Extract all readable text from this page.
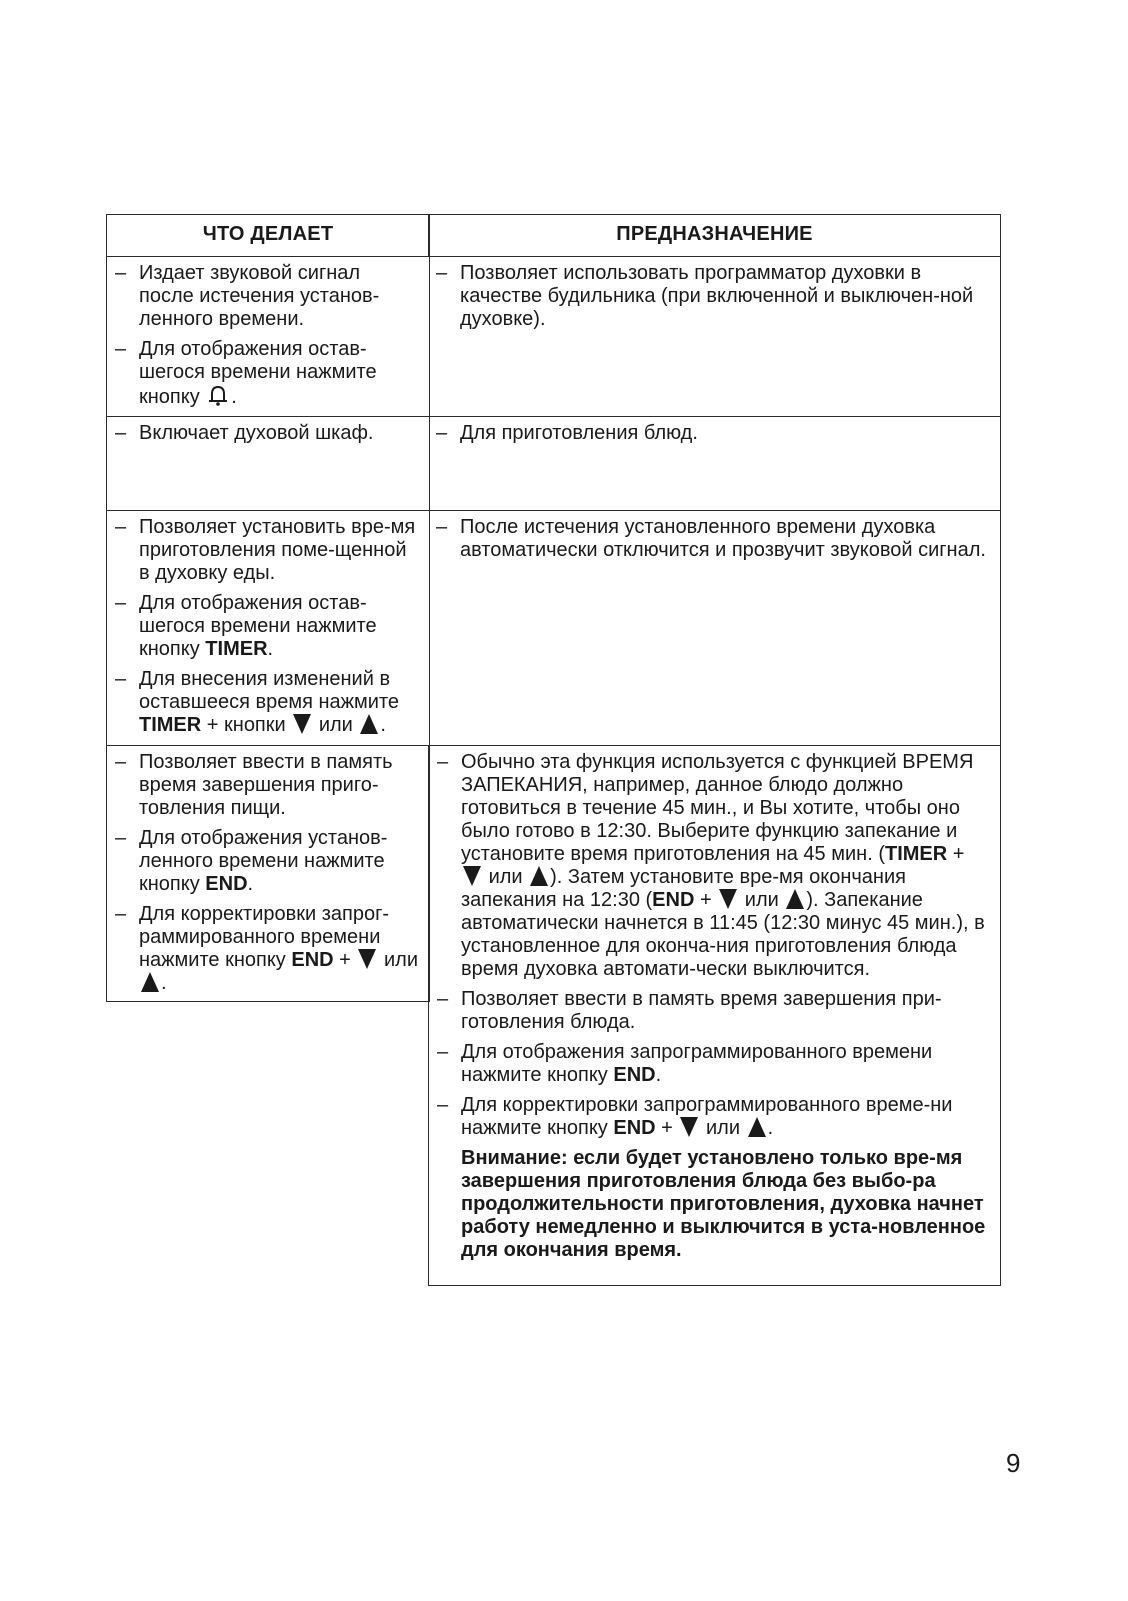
ЧТО ДЕЛАЕТ	ПРЕДНАЗНАЧЕНИЕ
– Издает звуковой сигнал после истечения установ-ленного времени.
– Для отображения остав-шегося времени нажмите кнопку .
– Позволяет использовать программатор духовки в качестве будильника (при включенной и выключен-ной духовке).
– Включает духовой шкаф.	– Для приготовления блюд.
– Позволяет установить вре-мя приготовления поме-щенной в духовку еды.
– Для отображения остав-шегося времени нажмите кнопку TIMER.
– Для внесения изменений в оставшееся время нажмите TIMER + кнопки или .
– После истечения установленного времени духовка автоматически отключится и прозвучит звуковой сигнал.
– Позволяет ввести в память время завершения приго-товления пищи.
– Для отображения установ-ленного времени нажмите кнопку END.
– Для корректировки запрог-раммированного времени нажмите кнопку END + или .
– Обычно эта функция используется с функцией ВРЕМЯ ЗАПЕКАНИЯ, например, данное блюдо должно готовиться в течение 45 мин., и Вы хотите, чтобы оно было готово в 12:30. Выберите функцию запекание и установите время приготовления на 45 мин. (TIMER +  или ). Затем установите вре-мя окончания запекания на 12:30 (END + или ). Запекание автоматически начнется в 11:45 (12:30 минус 45 мин.), в установленное для оконча-ния приготовления блюда время духовка автомати-чески выключится.
– Позволяет ввести в память время завершения при-готовления блюда.
– Для отображения запрограммированного времени нажмите кнопку END.
– Для корректировки запрограммированного време-ни нажмите кнопку END + или .
Внимание: если будет установлено только вре-мя завершения приготовления блюда без выбо-ра продолжительности приготовления, духовка начнет работу немедленно и выключится в уста-новленное для окончания время.
9
